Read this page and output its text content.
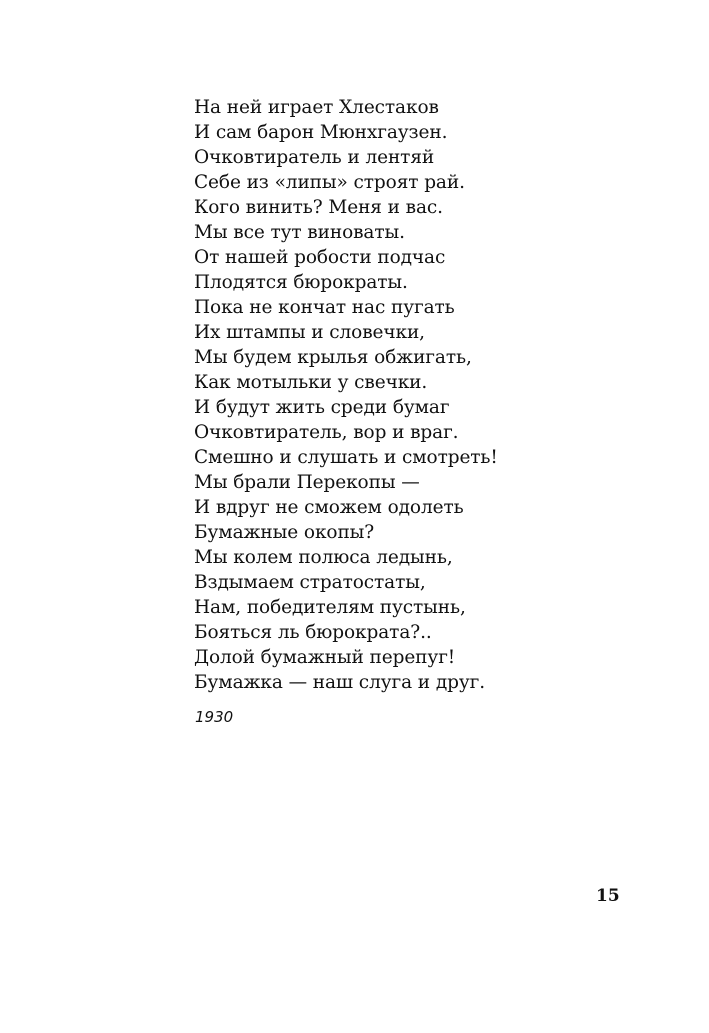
На ней играет Хлестаков
И сам барон Мюнхгаузен.
Очковтиратель и лентяй
Себе из «липы» строят рай.
Кого винить? Меня и вас.
Мы все тут виноваты.
От нашей робости подчас
Плодятся бюрократы.
Пока не кончат нас пугать
Их штампы и словечки,
Мы будем крылья обжигать,
Как мотыльки у свечки.
И будут жить среди бумаг
Очковтиратель, вор и враг.
Смешно и слушать и смотреть!
Мы брали Перекопы —
И вдруг не сможем одолеть
Бумажные окопы?
Мы колем полюса ледынь,
Вздымаем стратостаты,
Нам, победителям пустынь,
Бояться ль бюрократа?..
Долой бумажный перепуг!
Бумажка — наш слуга и друг.
1930
15
